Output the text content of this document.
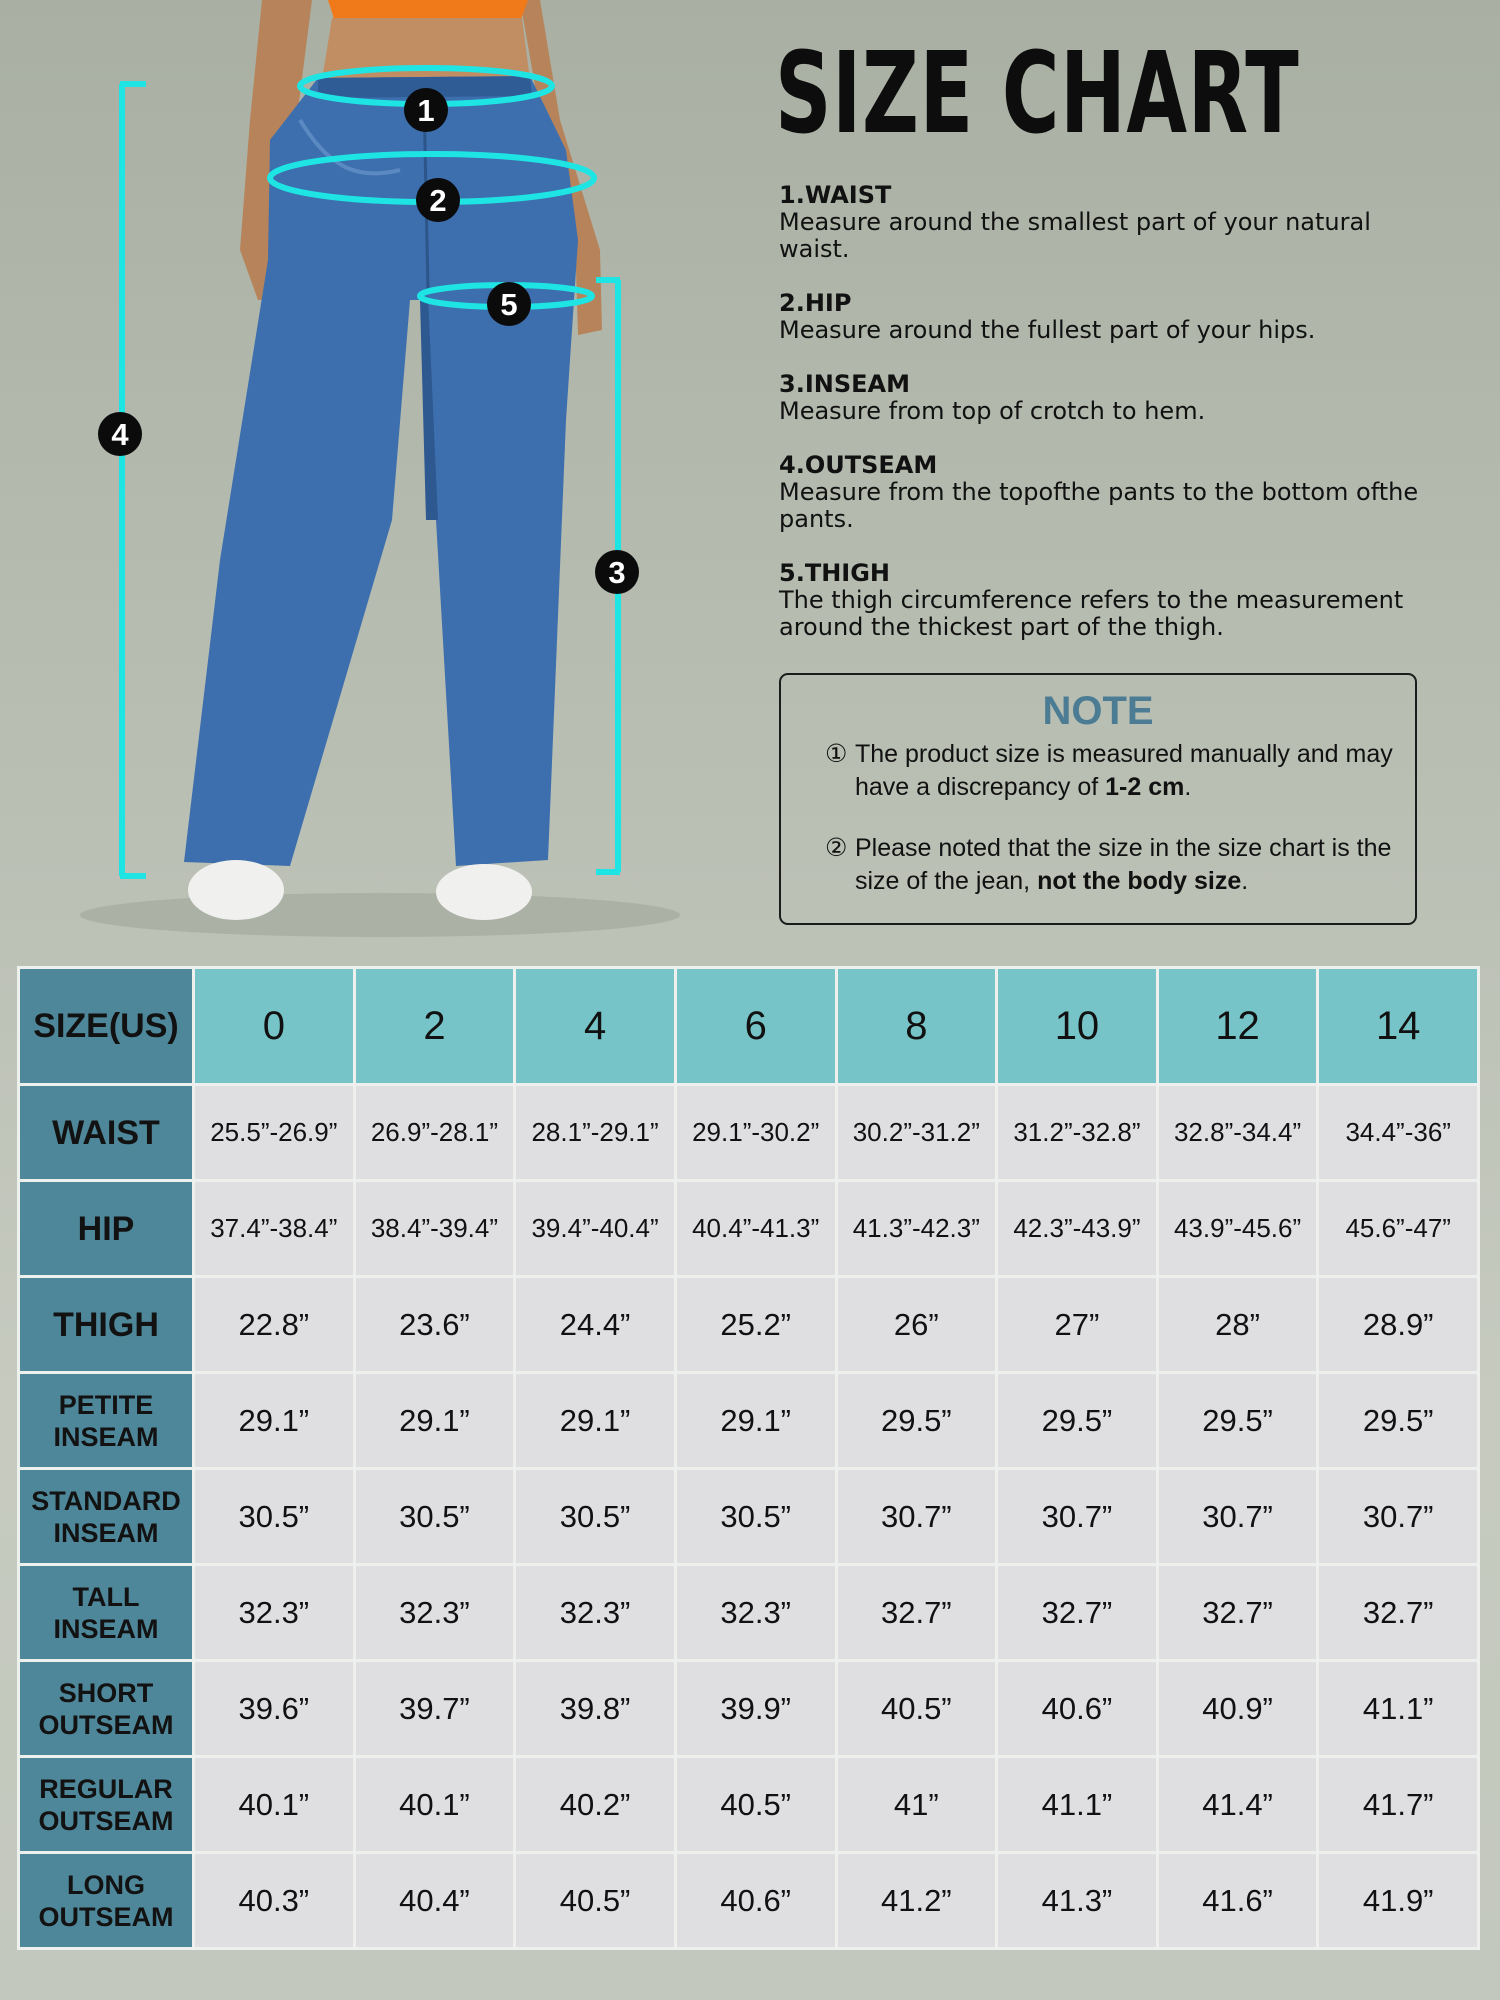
1
2
3
4
5
SIZE CHART
1.WAIST
Measure around the smallest part of your natural waist.
2.HIP
Measure around the fullest part of your hips.
3.INSEAM
Measure from top of crotch to hem.
4.OUTSEAM
Measure from the topofthe pants to the bottom ofthe pants.
5.THIGH
The thigh circumference refers to the measurement around the thickest part of the thigh.
NOTE
① The product size is measured manually and may have a discrepancy of 1-2 cm.
② Please noted that the size in the size chart is the size of the jean, not the body size.
SIZE(US)	0	2	4	6	8	10	12	14
WAIST	25.5”-26.9”	26.9”-28.1”	28.1”-29.1”	29.1”-30.2”	30.2”-31.2”	31.2”-32.8”	32.8”-34.4”	34.4”-36”
HIP	37.4”-38.4”	38.4”-39.4”	39.4”-40.4”	40.4”-41.3”	41.3”-42.3”	42.3”-43.9”	43.9”-45.6”	45.6”-47”
THIGH	22.8”	23.6”	24.4”	25.2”	26”	27”	28”	28.9”
PETITE
INSEAM	29.1”	29.1”	29.1”	29.1”	29.5”	29.5”	29.5”	29.5”
STANDARD
INSEAM	30.5”	30.5”	30.5”	30.5”	30.7”	30.7”	30.7”	30.7”
TALL
INSEAM	32.3”	32.3”	32.3”	32.3”	32.7”	32.7”	32.7”	32.7”
SHORT
OUTSEAM	39.6”	39.7”	39.8”	39.9”	40.5”	40.6”	40.9”	41.1”
REGULAR
OUTSEAM	40.1”	40.1”	40.2”	40.5”	41”	41.1”	41.4”	41.7”
LONG
OUTSEAM	40.3”	40.4”	40.5”	40.6”	41.2”	41.3”	41.6”	41.9”
